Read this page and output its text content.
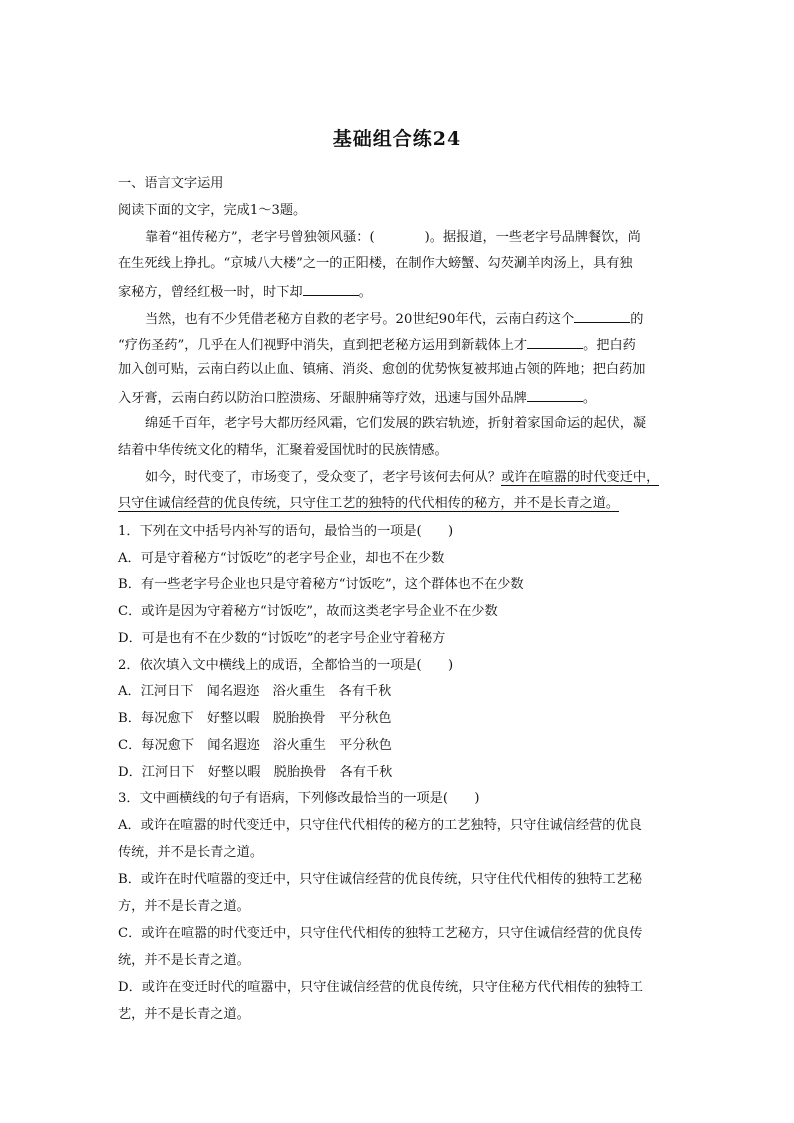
基础组合练24
一、语言文字运用
阅读下面的文字，完成1～3题。
靠着“祖传秘方”，老字号曾独领风骚：(	)。据报道，一些老字号品牌餐饮，尚
在生死线上挣扎。“京城八大楼”之一的正阳楼，在制作大螃蟹、勾芡涮羊肉汤上，具有独
家秘方，曾经红极一时，时下却	。
当然，也有不少凭借老秘方自救的老字号。20世纪90年代，云南白药这个	的
“疗伤圣药”，几乎在人们视野中消失，直到把老秘方运用到新载体上才	。把白药
加入创可贴，云南白药以止血、镇痛、消炎、愈创的优势恢复被邦迪占领的阵地；把白药加
入牙膏，云南白药以防治口腔溃疡、牙龈肿痛等疗效，迅速与国外品牌	。
绵延千百年，老字号大都历经风霜，它们发展的跌宕轨迹，折射着家国命运的起伏，凝
结着中华传统文化的精华，汇聚着爱国忧时的民族情感。
如今，时代变了，市场变了，受众变了，老字号该何去何从？或许在喧嚣的时代变迁中，
只守住诚信经营的优良传统，只守住工艺的独特的代代相传的秘方，并不是长青之道。
1．下列在文中括号内补写的语句，最恰当的一项是(　　)
A．可是守着秘方“讨饭吃”的老字号企业，却也不在少数
B．有一些老字号企业也只是守着秘方“讨饭吃”，这个群体也不在少数
C．或许是因为守着秘方“讨饭吃”，故而这类老字号企业不在少数
D．可是也有不在少数的“讨饭吃”的老字号企业守着秘方
2．依次填入文中横线上的成语，全都恰当的一项是(　　)
A．江河日下　闻名遐迩　浴火重生　各有千秋
B．每况愈下　好整以暇　脱胎换骨　平分秋色
C．每况愈下　闻名遐迩　浴火重生　平分秋色
D．江河日下　好整以暇　脱胎换骨　各有千秋
3．文中画横线的句子有语病，下列修改最恰当的一项是(　　)
A．或许在喧嚣的时代变迁中，只守住代代相传的秘方的工艺独特，只守住诚信经营的优良
传统，并不是长青之道。
B．或许在时代喧嚣的变迁中，只守住诚信经营的优良传统，只守住代代相传的独特工艺秘
方，并不是长青之道。
C．或许在喧嚣的时代变迁中，只守住代代相传的独特工艺秘方，只守住诚信经营的优良传
统，并不是长青之道。
D．或许在变迁时代的喧嚣中，只守住诚信经营的优良传统，只守住秘方代代相传的独特工
艺，并不是长青之道。
